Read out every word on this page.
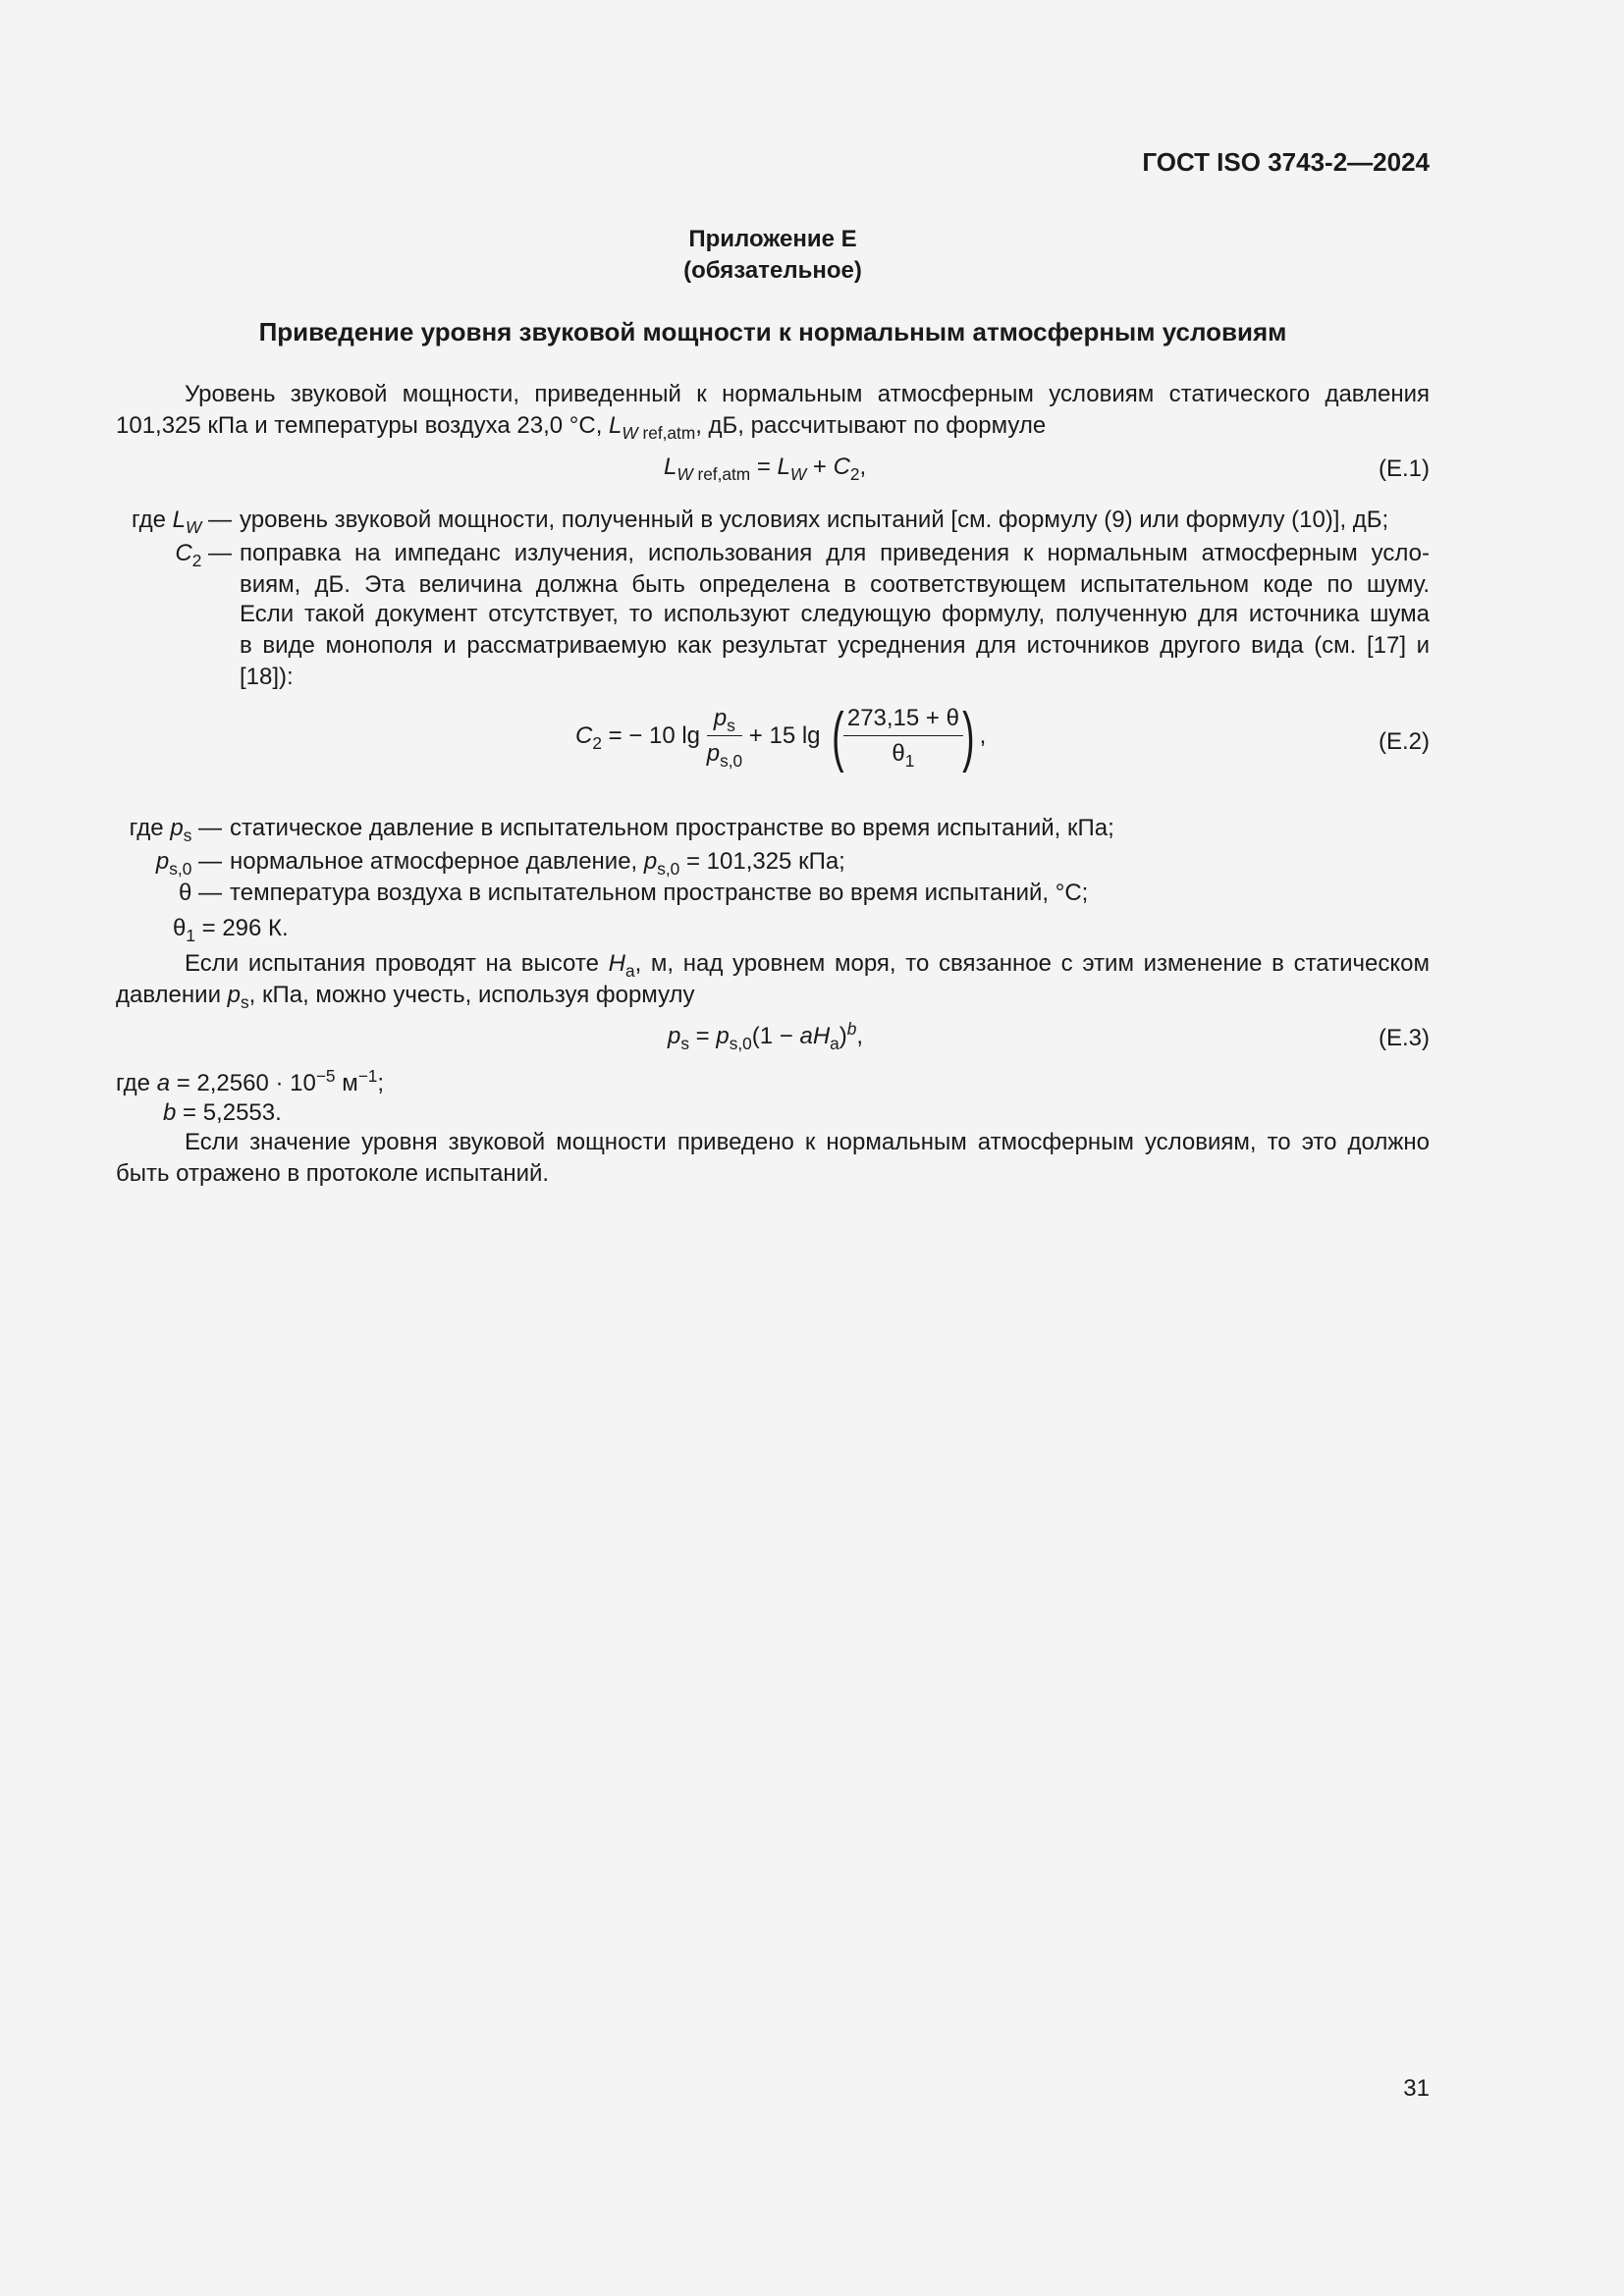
ГОСТ ISO 3743-2—2024
Приложение E
(обязательное)
Приведение уровня звуковой мощности к нормальным атмосферным условиям
Уровень звуковой мощности, приведенный к нормальным атмосферным условиям статического давления
101,325 кПа и температуры воздуха 23,0 °С, $L_{W ref,atm}$, дБ, рассчитывают по формуле
$L_{W ref,atm} = L_W + C_2$,	(E.1)
где $L_W$ — уровень звуковой мощности, полученный в условиях испытаний [см. формулу (9) или формулу (10)], дБ;
$C_2$ — поправка на импеданс излучения, использования для приведения к нормальным атмосферным усло-
виям, дБ. Эта величина должна быть определена в соответствующем испытательном коде по шуму.
Если такой документ отсутствует, то используют следующую формулу, полученную для источника шума
в виде монополя и рассматриваемую как результат усреднения для источников другого вида (см. [17] и
[18]):
$C_2$ = − 10 $\lg \frac{p_s}{p_{s,0}} + 15$ lg ( $\frac{273,15 + \theta}{\theta_1}$ ) ,	(E.2)
где $p_s$ — статическое давление в испытательном пространстве во время испытаний, кПа;
$p_{s,0}$ — нормальное атмосферное давление, $p_{s,0} = 101,325$ кПа;
θ — температура воздуха в испытательном пространстве во время испытаний, °С;
$\theta_1 = 296$ К.
Если испытания проводят на высоте $H_a$, м, над уровнем моря, то связанное с этим изменение в статическом
давлении $p_s$, кПа, можно учесть, используя формулу
$p_s = p_{s,0}(1 - aH_a)^b$,	(E.3)
где $a = 2,2560 \cdot 10^{-5}$ $м^{-1}$;
b = 5,2553.
Если значение уровня звуковой мощности приведено к нормальным атмосферным условиям, то это должно
быть отражено в протоколе испытаний.
31
